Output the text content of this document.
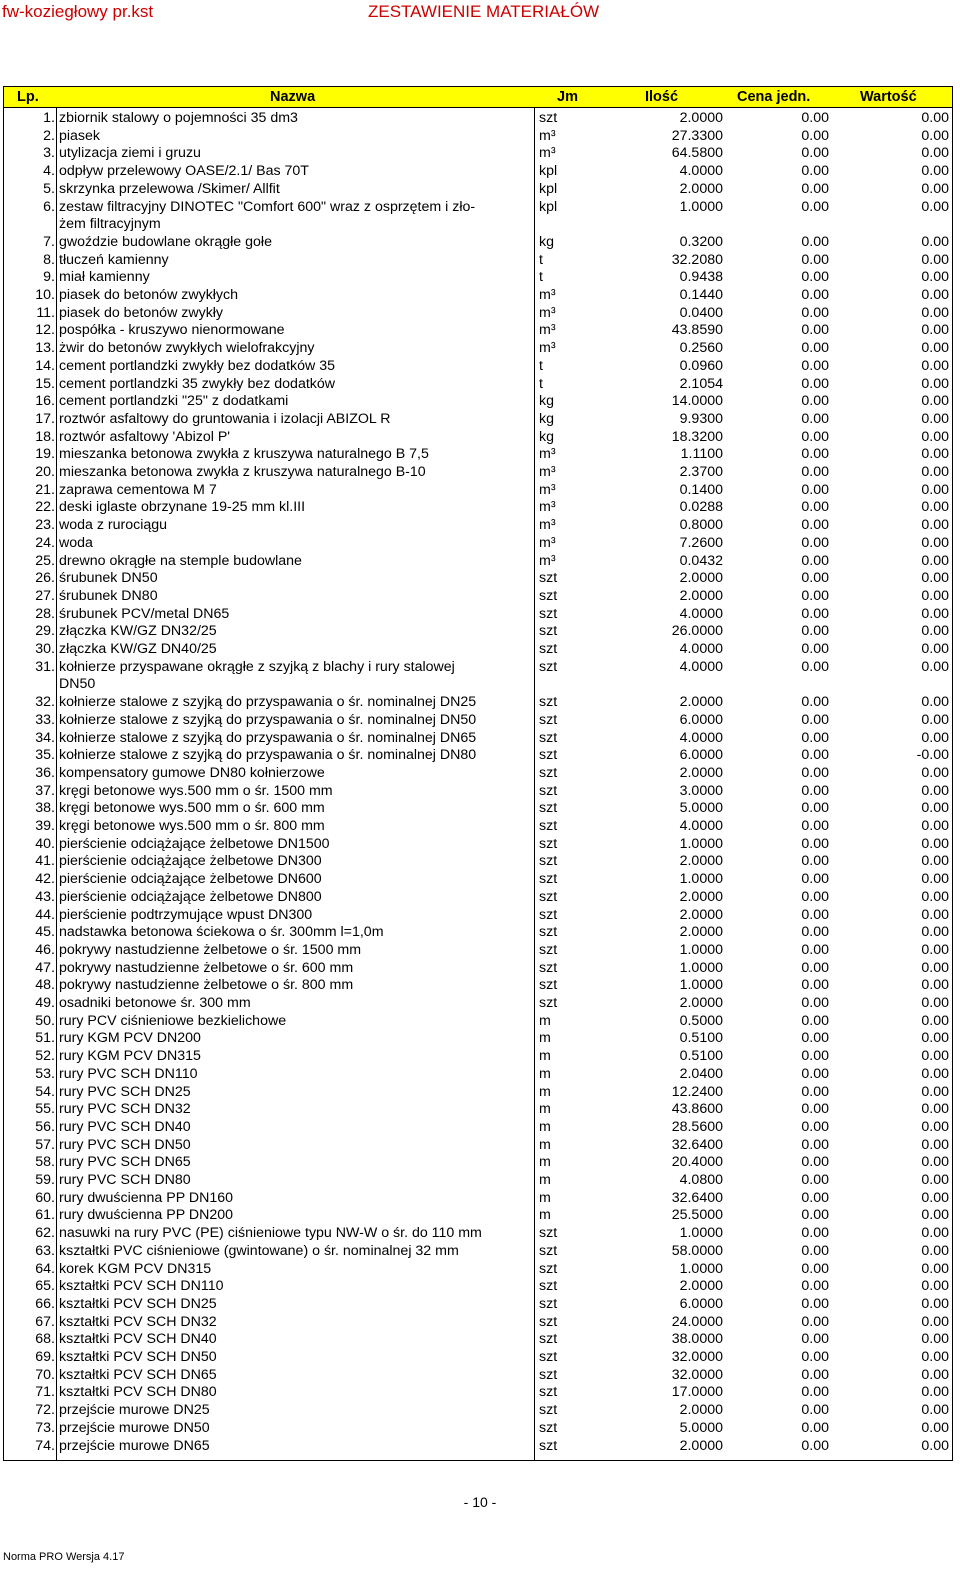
fw-koziegłowy pr.kst	ZESTAWIENIE MATERIAŁÓW
Lp.	Nazwa	Jm	Ilość	Cena jedn.	Wartość
1. zbiornik stalowy o pojemności 35 dm3	szt	2.0000	0.00	0.00
2. piasek	m³	27.3300	0.00	0.00
3. utylizacja ziemi i gruzu	m³	64.5800	0.00	0.00
4. odpływ przelewowy OASE/2.1/ Bas 70T	kpl	4.0000	0.00	0.00
5. skrzynka przelewowa /Skimer/ Allfit	kpl	2.0000	0.00	0.00
6. zestaw filtracyjny DINOTEC "Comfort 600" wraz z osprzętem i zło-	kpl	1.0000	0.00	0.00
żem filtracyjnym
7. gwoździe budowlane okrągłe gołe	kg	0.3200	0.00	0.00
8. tłuczeń kamienny	t	32.2080	0.00	0.00
9. miał kamienny	t	0.9438	0.00	0.00
10. piasek do betonów zwykłych	m³	0.1440	0.00	0.00
11. piasek do betonów zwykły	m³	0.0400	0.00	0.00
12. pospółka - kruszywo nienormowane	m³	43.8590	0.00	0.00
13. żwir do betonów zwykłych wielofrakcyjny	m³	0.2560	0.00	0.00
14. cement portlandzki zwykły bez dodatków 35	t	0.0960	0.00	0.00
15. cement portlandzki 35 zwykły bez dodatków	t	2.1054	0.00	0.00
16. cement portlandzki "25" z dodatkami	kg	14.0000	0.00	0.00
17. roztwór asfaltowy do gruntowania i izolacji ABIZOL R	kg	9.9300	0.00	0.00
18. roztwór asfaltowy 'Abizol P'	kg	18.3200	0.00	0.00
19. mieszanka betonowa zwykła z kruszywa naturalnego B 7,5	m³	1.1100	0.00	0.00
20. mieszanka betonowa zwykła z kruszywa naturalnego B-10	m³	2.3700	0.00	0.00
21. zaprawa cementowa M 7	m³	0.1400	0.00	0.00
22. deski iglaste obrzynane 19-25 mm kl.III	m³	0.0288	0.00	0.00
23. woda z rurociągu	m³	0.8000	0.00	0.00
24. woda	m³	7.2600	0.00	0.00
25. drewno okrągłe na stemple budowlane	m³	0.0432	0.00	0.00
26. śrubunek DN50	szt	2.0000	0.00	0.00
27. śrubunek DN80	szt	2.0000	0.00	0.00
28. śrubunek PCV/metal DN65	szt	4.0000	0.00	0.00
29. złączka KW/GZ DN32/25	szt	26.0000	0.00	0.00
30. złączka KW/GZ DN40/25	szt	4.0000	0.00	0.00
31. kołnierze przyspawane okrągłe z szyjką z blachy i rury stalowej	szt	4.0000	0.00	0.00
DN50
32. kołnierze stalowe z szyjką do przyspawania o śr. nominalnej DN25	szt	2.0000	0.00	0.00
33. kołnierze stalowe z szyjką do przyspawania o śr. nominalnej DN50	szt	6.0000	0.00	0.00
34. kołnierze stalowe z szyjką do przyspawania o śr. nominalnej DN65	szt	4.0000	0.00	0.00
35. kołnierze stalowe z szyjką do przyspawania o śr. nominalnej DN80	szt	6.0000	0.00	-0.00
36. kompensatory gumowe DN80 kołnierzowe	szt	2.0000	0.00	0.00
37. kręgi betonowe wys.500 mm o śr. 1500 mm	szt	3.0000	0.00	0.00
38. kręgi betonowe wys.500 mm o śr. 600 mm	szt	5.0000	0.00	0.00
39. kręgi betonowe wys.500 mm o śr. 800 mm	szt	4.0000	0.00	0.00
40. pierścienie odciążające żelbetowe DN1500	szt	1.0000	0.00	0.00
41. pierścienie odciążające żelbetowe DN300	szt	2.0000	0.00	0.00
42. pierścienie odciążające żelbetowe DN600	szt	1.0000	0.00	0.00
43. pierścienie odciążające żelbetowe DN800	szt	2.0000	0.00	0.00
44. pierścienie podtrzymujące wpust DN300	szt	2.0000	0.00	0.00
45. nadstawka betonowa ściekowa o śr. 300mm l=1,0m	szt	2.0000	0.00	0.00
46. pokrywy nastudzienne żelbetowe o śr. 1500 mm	szt	1.0000	0.00	0.00
47. pokrywy nastudzienne żelbetowe o śr. 600 mm	szt	1.0000	0.00	0.00
48. pokrywy nastudzienne żelbetowe o śr. 800 mm	szt	1.0000	0.00	0.00
49. osadniki betonowe śr. 300 mm	szt	2.0000	0.00	0.00
50. rury PCV ciśnieniowe bezkielichowe	m	0.5000	0.00	0.00
51. rury KGM PCV DN200	m	0.5100	0.00	0.00
52. rury KGM PCV DN315	m	0.5100	0.00	0.00
53. rury PVC SCH DN110	m	2.0400	0.00	0.00
54. rury PVC SCH DN25	m	12.2400	0.00	0.00
55. rury PVC SCH DN32	m	43.8600	0.00	0.00
56. rury PVC SCH DN40	m	28.5600	0.00	0.00
57. rury PVC SCH DN50	m	32.6400	0.00	0.00
58. rury PVC SCH DN65	m	20.4000	0.00	0.00
59. rury PVC SCH DN80	m	4.0800	0.00	0.00
60. rury dwuścienna PP DN160	m	32.6400	0.00	0.00
61. rury dwuścienna PP DN200	m	25.5000	0.00	0.00
62. nasuwki na rury PVC (PE) ciśnieniowe typu NW-W o śr. do 110 mm	szt	1.0000	0.00	0.00
63. kształtki PVC ciśnieniowe (gwintowane) o śr. nominalnej 32 mm	szt	58.0000	0.00	0.00
64. korek KGM PCV DN315	szt	1.0000	0.00	0.00
65. kształtki PCV SCH DN110	szt	2.0000	0.00	0.00
66. kształtki PCV SCH DN25	szt	6.0000	0.00	0.00
67. kształtki PCV SCH DN32	szt	24.0000	0.00	0.00
68. kształtki PCV SCH DN40	szt	38.0000	0.00	0.00
69. kształtki PCV SCH DN50	szt	32.0000	0.00	0.00
70. kształtki PCV SCH DN65	szt	32.0000	0.00	0.00
71. kształtki PCV SCH DN80	szt	17.0000	0.00	0.00
72. przejście murowe DN25	szt	2.0000	0.00	0.00
73. przejście murowe DN50	szt	5.0000	0.00	0.00
74. przejście murowe DN65	szt	2.0000	0.00	0.00
- 10 -
Norma PRO Wersja 4.17
